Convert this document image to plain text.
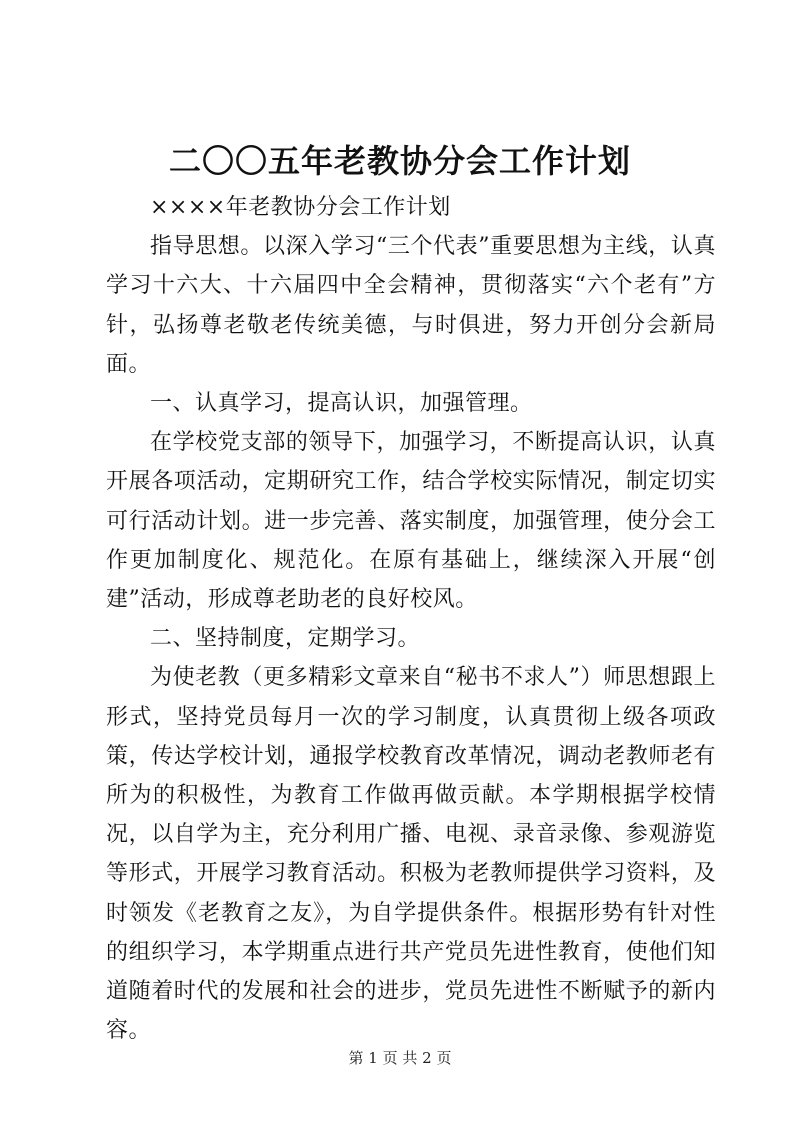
二〇〇五年老教协分会工作计划

××××年老教协分会工作计划

指导思想。以深入学习“三个代表”重要思想为主线，认真学习十六大、十六届四中全会精神，贯彻落实“六个老有”方针，弘扬尊老敬老传统美德，与时俱进，努力开创分会新局面。

一、认真学习，提高认识，加强管理。

在学校党支部的领导下，加强学习，不断提高认识，认真开展各项活动，定期研究工作，结合学校实际情况，制定切实可行活动计划。进一步完善、落实制度，加强管理，使分会工作更加制度化、规范化。在原有基础上，继续深入开展“创建”活动，形成尊老助老的良好校风。

二、坚持制度，定期学习。

为使老教（更多精彩文章来自“秘书不求人”）师思想跟上形式，坚持党员每月一次的学习制度，认真贯彻上级各项政策，传达学校计划，通报学校教育改革情况，调动老教师老有所为的积极性，为教育工作做再做贡献。本学期根据学校情况，以自学为主，充分利用广播、电视、录音录像、参观游览等形式，开展学习教育活动。积极为老教师提供学习资料，及时领发《老教育之友》，为自学提供条件。根据形势有针对性的组织学习，本学期重点进行共产党员先进性教育，使他们知道随着时代的发展和社会的进步，党员先进性不断赋予的新内容。

第 1 页 共 2 页
